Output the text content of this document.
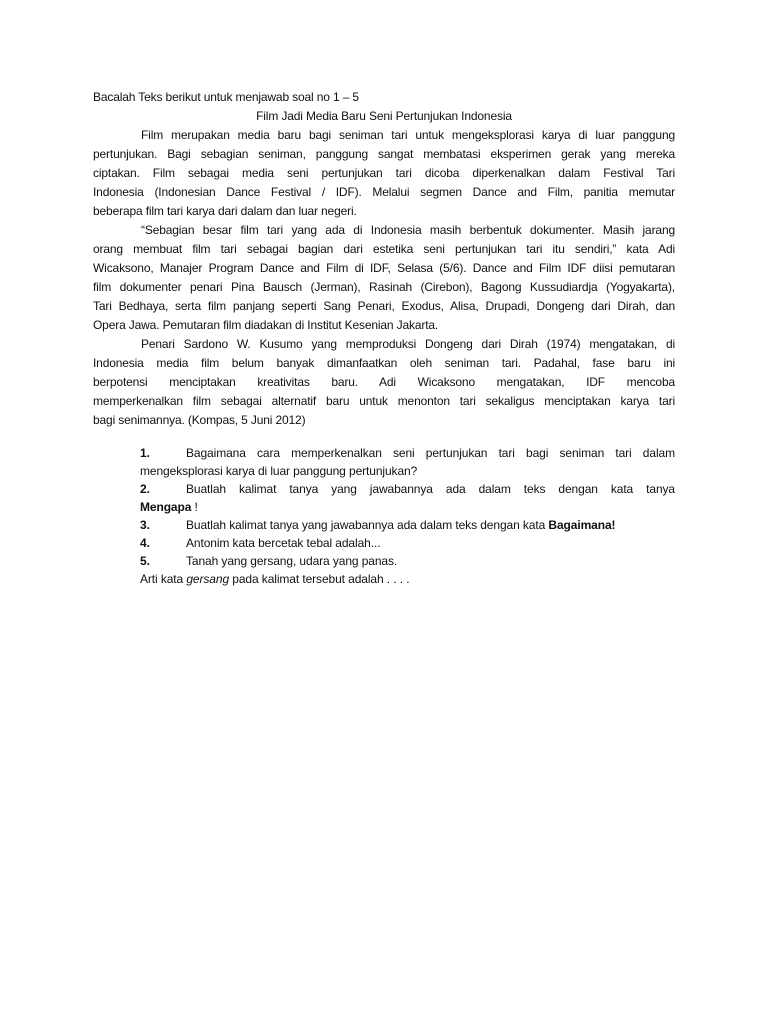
Bacalah Teks berikut untuk menjawab soal no 1 – 5
Film Jadi Media Baru Seni Pertunjukan Indonesia
Film merupakan media baru bagi seniman tari untuk mengeksplorasi karya di luar panggung
pertunjukan. Bagi sebagian seniman, panggung sangat membatasi eksperimen gerak yang mereka
ciptakan. Film sebagai media seni pertunjukan tari dicoba diperkenalkan dalam Festival Tari
Indonesia (Indonesian Dance Festival / IDF). Melalui segmen Dance and Film, panitia memutar
beberapa film tari karya dari dalam dan luar negeri.
“Sebagian besar film tari yang ada di Indonesia masih berbentuk dokumenter. Masih jarang
orang membuat film tari sebagai bagian dari estetika seni pertunjukan tari itu sendiri,” kata Adi
Wicaksono, Manajer Program Dance and Film di IDF, Selasa (5/6). Dance and Film IDF diisi pemutaran
film dokumenter penari Pina Bausch (Jerman), Rasinah (Cirebon), Bagong Kussudiardja (Yogyakarta),
Tari Bedhaya, serta film panjang seperti Sang Penari, Exodus, Alisa, Drupadi, Dongeng dari Dirah, dan
Opera Jawa. Pemutaran film diadakan di Institut Kesenian Jakarta.
Penari Sardono W. Kusumo yang memproduksi Dongeng dari Dirah (1974) mengatakan, di
Indonesia media film belum banyak dimanfaatkan oleh seniman tari. Padahal, fase baru ini
berpotensi menciptakan kreativitas baru. Adi Wicaksono mengatakan, IDF mencoba
memperkenalkan film sebagai alternatif baru untuk menonton tari sekaligus menciptakan karya tari
bagi senimannya. (Kompas, 5 Juni 2012)
1.	Bagaimana cara memperkenalkan seni pertunjukan tari bagi seniman tari dalam
mengeksplorasi karya di luar panggung pertunjukan?
2.	Buatlah kalimat tanya yang jawabannya ada dalam teks dengan kata tanya
Mengapa !
3.	Buatlah kalimat tanya yang jawabannya ada dalam teks dengan kata Bagaimana!
4.	Antonim kata bercetak tebal adalah...
5.	Tanah yang gersang, udara yang panas.
Arti kata gersang pada kalimat tersebut adalah . . . .
